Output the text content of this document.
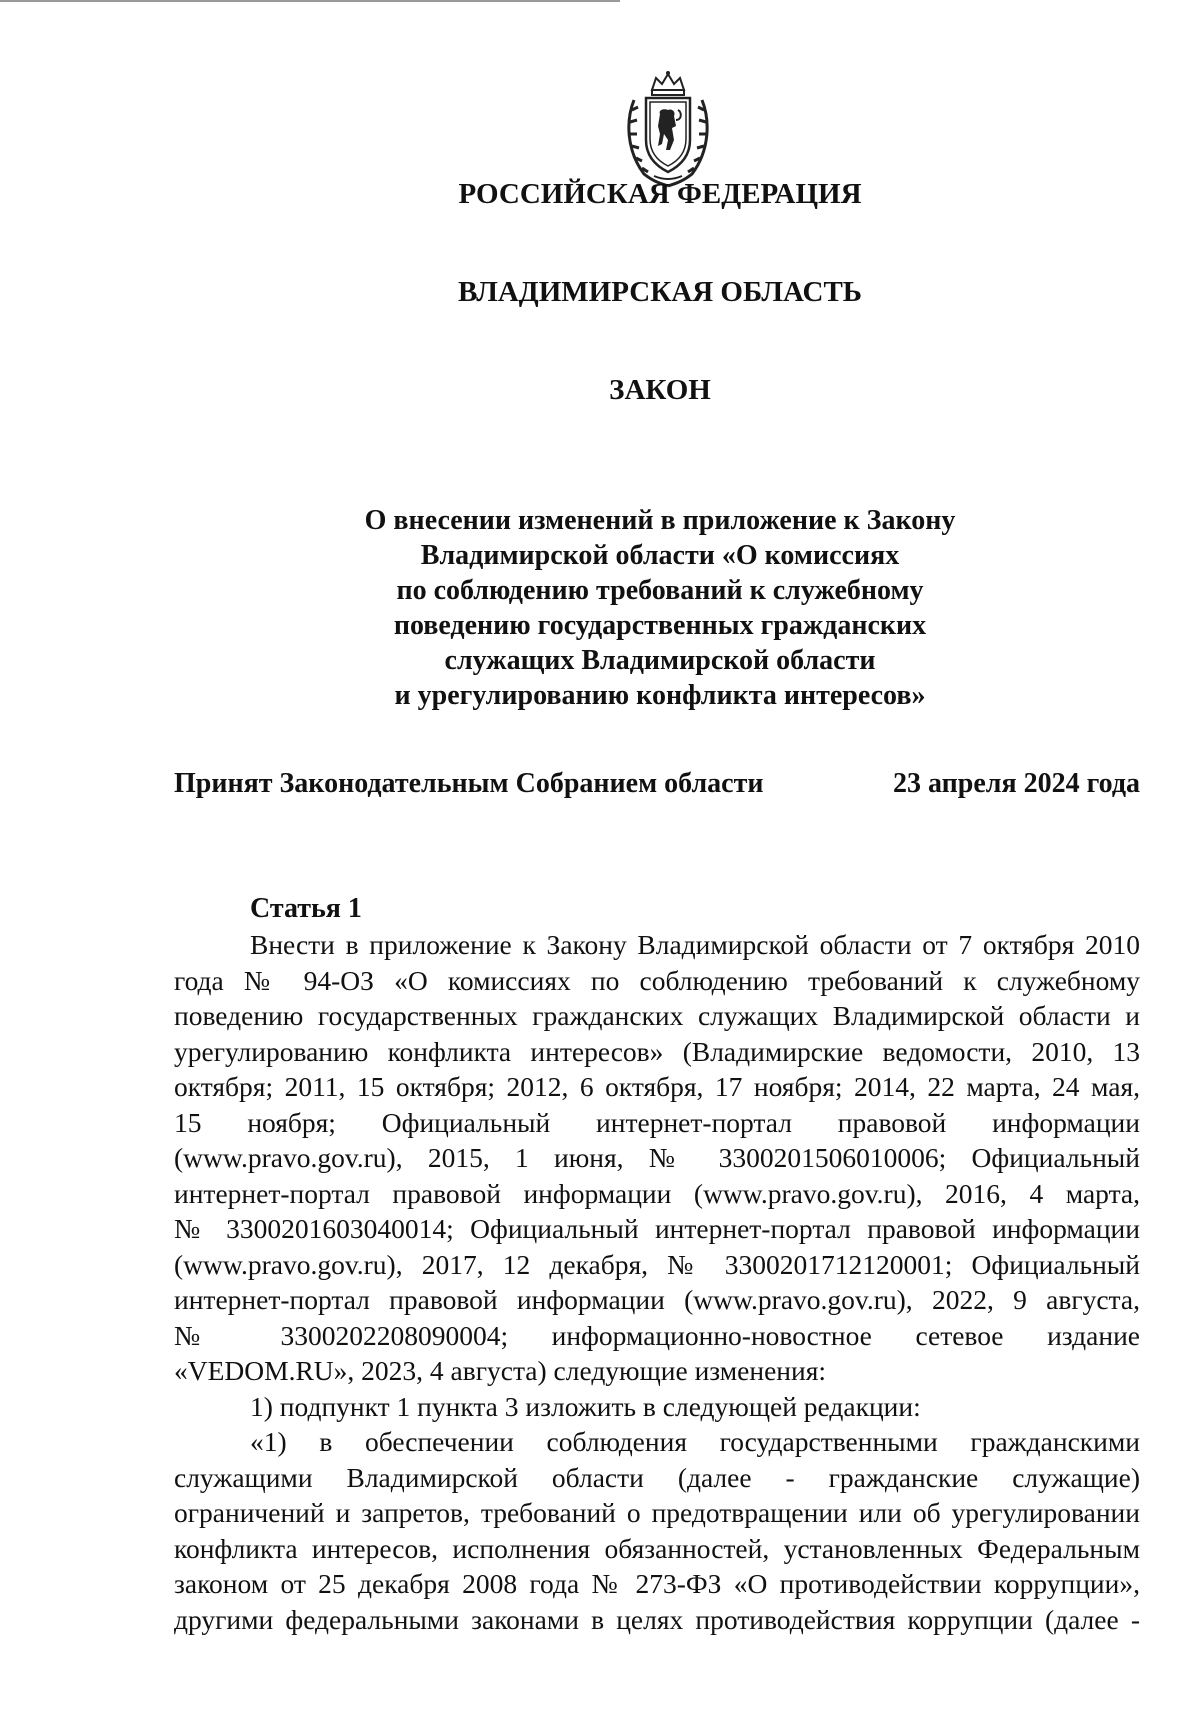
РОССИЙСКАЯ ФЕДЕРАЦИЯ

ВЛАДИМИРСКАЯ ОБЛАСТЬ

ЗАКОН

О внесении изменений в приложение к Закону
Владимирской области «О комиссиях
по соблюдению требований к служебному
поведению государственных гражданских
служащих Владимирской области
и урегулированию конфликта интересов»
Принят Законодательным Собранием области	23 апреля 2024 года
Статья 1
Внести в приложение к Закону Владимирской области от 7 октября 2010
года № 94-ОЗ «О комиссиях по соблюдению требований к служебному
поведению государственных гражданских служащих Владимирской области и
урегулированию конфликта интересов» (Владимирские ведомости, 2010, 13
октября; 2011, 15 октября; 2012, 6 октября, 17 ноября; 2014, 22 марта, 24 мая,
15 ноября; Официальный интернет-портал правовой информации
(www.pravo.gov.ru), 2015, 1 июня, № 3300201506010006; Официальный
интернет-портал правовой информации (www.pravo.gov.ru), 2016, 4 марта,
№ 3300201603040014; Официальный интернет-портал правовой информации
(www.pravo.gov.ru), 2017, 12 декабря, № 3300201712120001; Официальный
интернет-портал правовой информации (www.pravo.gov.ru), 2022, 9 августа,
№ 3300202208090004; информационно-новостное сетевое издание
«VEDOM.RU», 2023, 4 августа) следующие изменения:
1) подпункт 1 пункта 3 изложить в следующей редакции:
«1) в обеспечении соблюдения государственными гражданскими
служащими Владимирской области (далее - гражданские служащие)
ограничений и запретов, требований о предотвращении или об урегулировании
конфликта интересов, исполнения обязанностей, установленных Федеральным
законом от 25 декабря 2008 года № 273-ФЗ «О противодействии коррупции»,
другими федеральными законами в целях противодействия коррупции (далее -
